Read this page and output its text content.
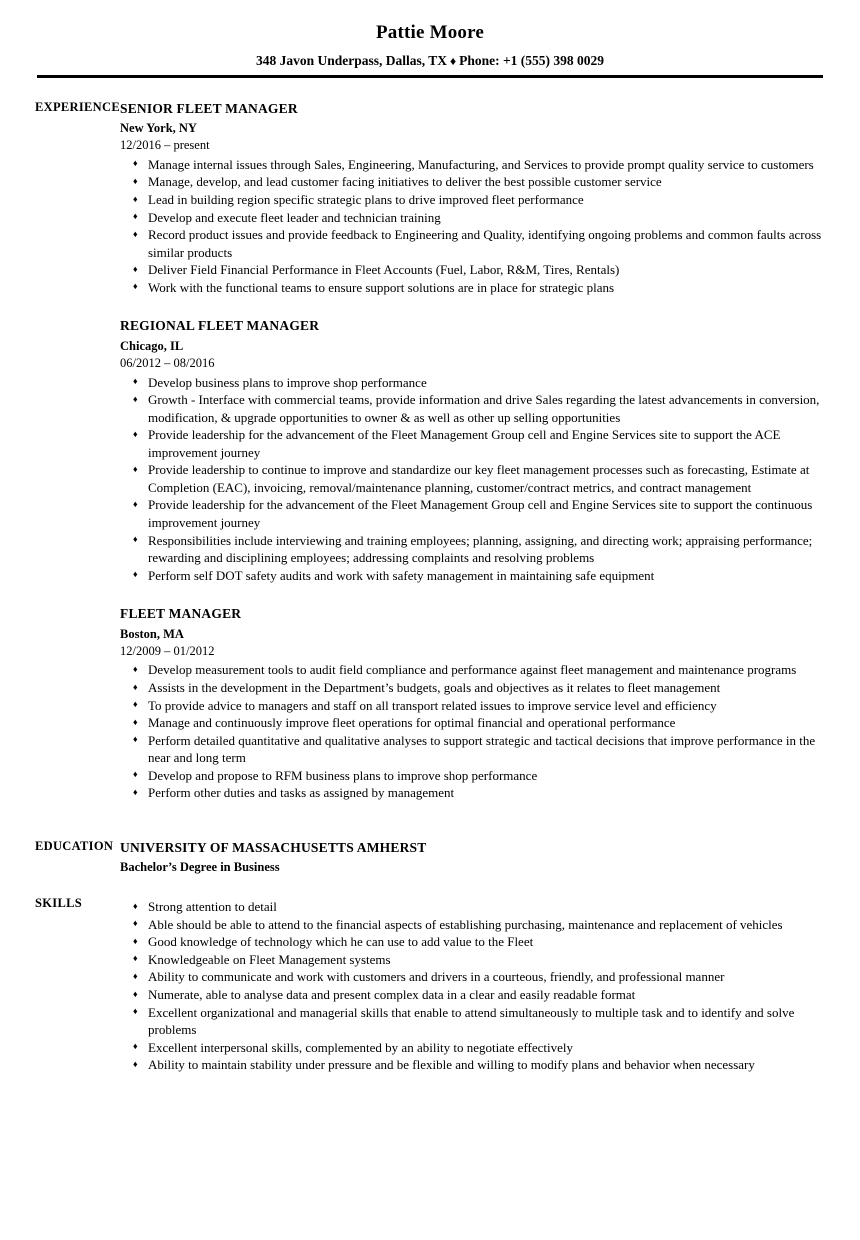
Pattie Moore
348 Javon Underpass, Dallas, TX ♦ Phone: +1 (555) 398 0029
EXPERIENCE SENIOR FLEET MANAGER
New York, NY
12/2016 – present
♦ Manage internal issues through Sales, Engineering, Manufacturing, and Services to provide prompt quality service to customers
♦ Manage, develop, and lead customer facing initiatives to deliver the best possible customer service
♦ Lead in building region specific strategic plans to drive improved fleet performance
♦ Develop and execute fleet leader and technician training
♦ Record product issues and provide feedback to Engineering and Quality, identifying ongoing problems and common faults across similar products
♦ Deliver Field Financial Performance in Fleet Accounts (Fuel, Labor, R&M, Tires, Rentals)
♦ Work with the functional teams to ensure support solutions are in place for strategic plans
REGIONAL FLEET MANAGER
Chicago, IL
06/2012 – 08/2016
♦ Develop business plans to improve shop performance
♦ Growth - Interface with commercial teams, provide information and drive Sales regarding the latest advancements in conversion, modification, & upgrade opportunities to owner & as well as other up selling opportunities
♦ Provide leadership for the advancement of the Fleet Management Group cell and Engine Services site to support the ACE improvement journey
♦ Provide leadership to continue to improve and standardize our key fleet management processes such as forecasting, Estimate at Completion (EAC), invoicing, removal/maintenance planning, customer/contract metrics, and contract management
♦ Provide leadership for the advancement of the Fleet Management Group cell and Engine Services site to support the continuous improvement journey
♦ Responsibilities include interviewing and training employees; planning, assigning, and directing work; appraising performance; rewarding and disciplining employees; addressing complaints and resolving problems
♦ Perform self DOT safety audits and work with safety management in maintaining safe equipment
FLEET MANAGER
Boston, MA
12/2009 – 01/2012
♦ Develop measurement tools to audit field compliance and performance against fleet management and maintenance programs
♦ Assists in the development in the Department’s budgets, goals and objectives as it relates to fleet management
♦ To provide advice to managers and staff on all transport related issues to improve service level and efficiency
♦ Manage and continuously improve fleet operations for optimal financial and operational performance
♦ Perform detailed quantitative and qualitative analyses to support strategic and tactical decisions that improve performance in the near and long term
♦ Develop and propose to RFM business plans to improve shop performance
♦ Perform other duties and tasks as assigned by management
EDUCATION UNIVERSITY OF MASSACHUSETTS AMHERST
Bachelor’s Degree in Business
SKILLS	♦ Strong attention to detail
♦ Able should be able to attend to the financial aspects of establishing purchasing, maintenance and replacement of vehicles
♦ Good knowledge of technology which he can use to add value to the Fleet
♦ Knowledgeable on Fleet Management systems
♦ Ability to communicate and work with customers and drivers in a courteous, friendly, and professional manner
♦ Numerate, able to analyse data and present complex data in a clear and easily readable format
♦ Excellent organizational and managerial skills that enable to attend simultaneously to multiple task and to identify and solve problems
♦ Excellent interpersonal skills, complemented by an ability to negotiate effectively
♦ Ability to maintain stability under pressure and be flexible and willing to modify plans and behavior when necessary
